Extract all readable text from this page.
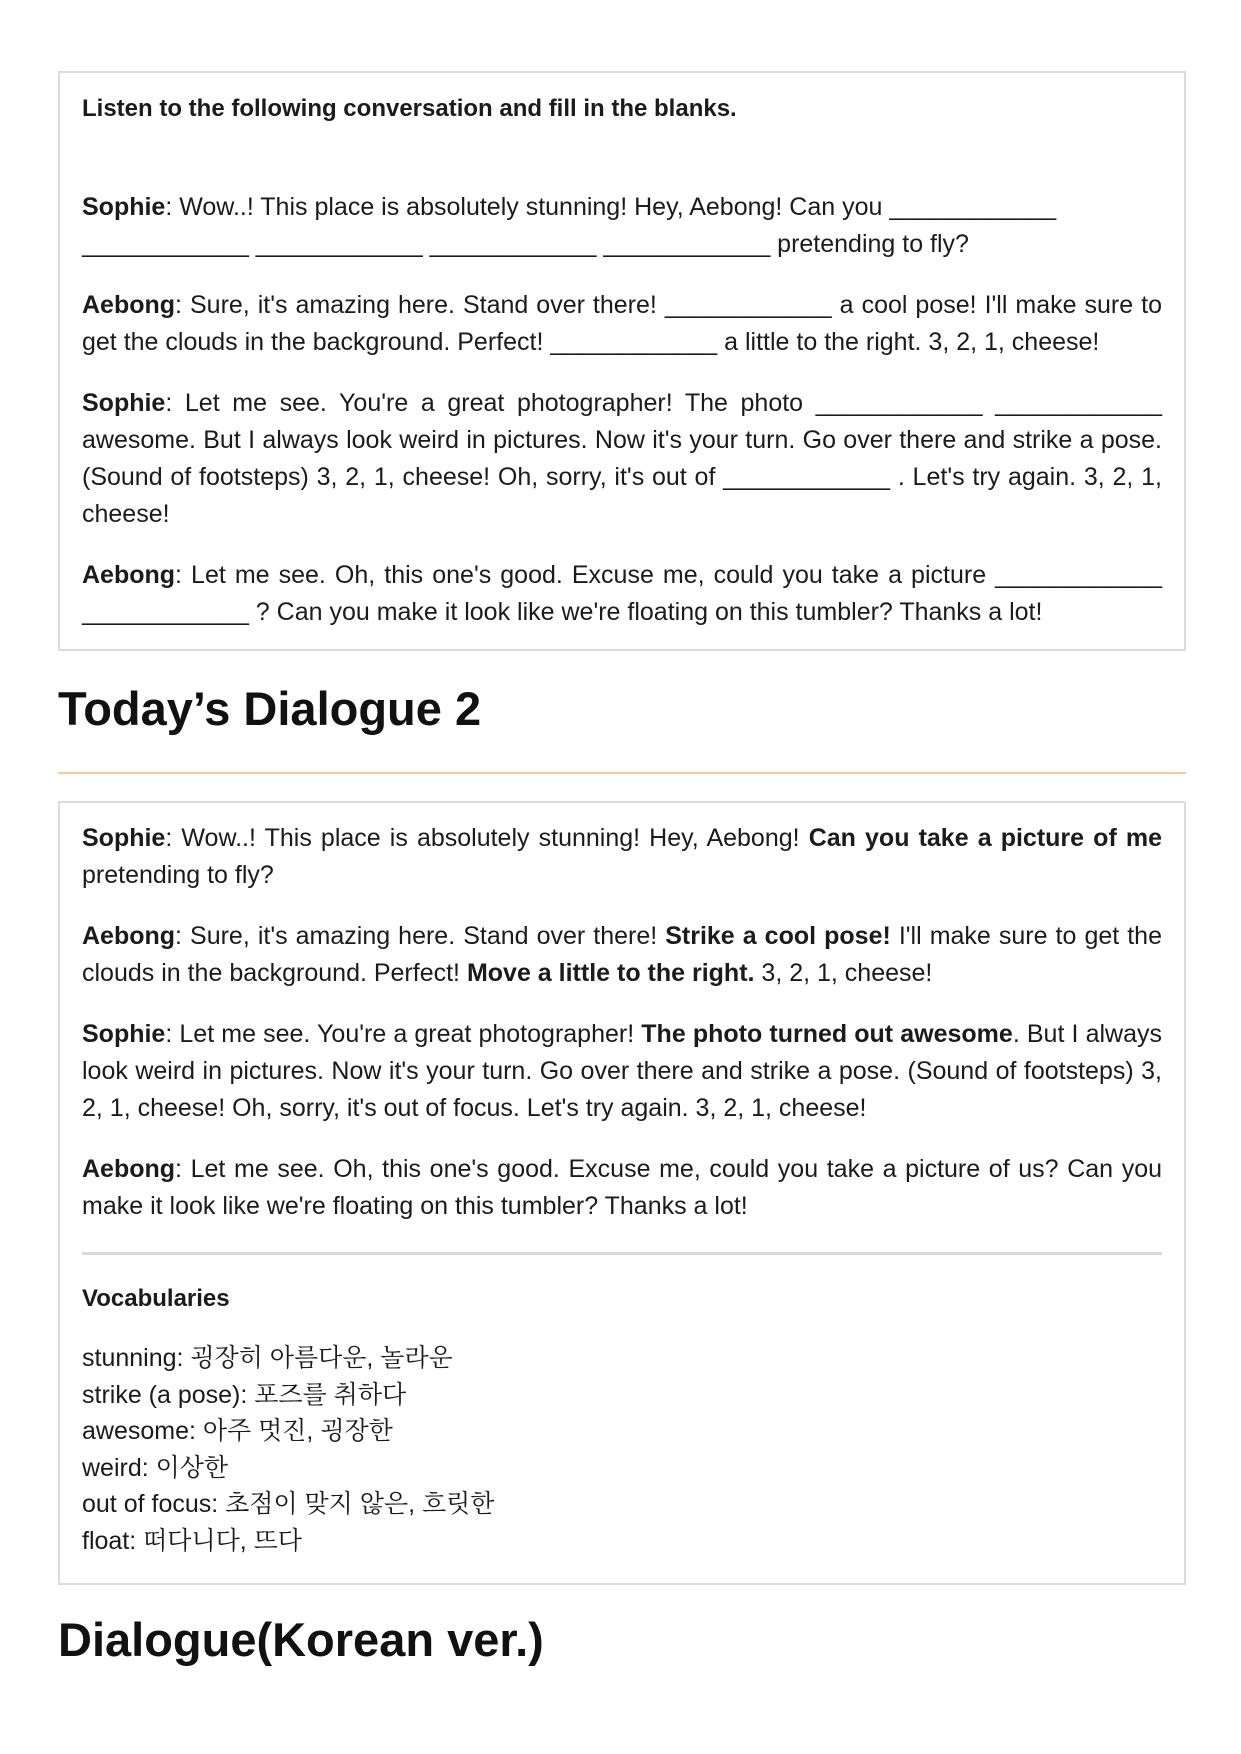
Listen to the following conversation and fill in the blanks.

Sophie: Wow..! This place is absolutely stunning! Hey, Aebong! Can you ____________ ____________ ____________ ____________ ____________ pretending to fly?

Aebong: Sure, it's amazing here. Stand over there! ____________ a cool pose! I'll make sure to get the clouds in the background. Perfect! ____________ a little to the right. 3, 2, 1, cheese!

Sophie: Let me see. You're a great photographer! The photo ____________ ____________ awesome. But I always look weird in pictures. Now it's your turn. Go over there and strike a pose. (Sound of footsteps) 3, 2, 1, cheese! Oh, sorry, it's out of ____________ . Let's try again. 3, 2, 1, cheese!

Aebong: Let me see. Oh, this one's good. Excuse me, could you take a picture ____________ ____________ ? Can you make it look like we're floating on this tumbler? Thanks a lot!

Today’s Dialogue 2

Sophie: Wow..! This place is absolutely stunning! Hey, Aebong! Can you take a picture of me pretending to fly?

Aebong: Sure, it's amazing here. Stand over there! Strike a cool pose! I'll make sure to get the clouds in the background. Perfect! Move a little to the right. 3, 2, 1, cheese!

Sophie: Let me see. You're a great photographer! The photo turned out awesome. But I always look weird in pictures. Now it's your turn. Go over there and strike a pose. (Sound of footsteps) 3, 2, 1, cheese! Oh, sorry, it's out of focus. Let's try again. 3, 2, 1, cheese!

Aebong: Let me see. Oh, this one's good. Excuse me, could you take a picture of us? Can you make it look like we're floating on this tumbler? Thanks a lot!

Vocabularies
stunning: 굉장히 아름다운, 놀라운
strike (a pose): 포즈를 취하다
awesome: 아주 멋진, 굉장한
weird: 이상한
out of focus: 초점이 맞지 않은, 흐릿한
float: 떠다니다, 뜨다
Dialogue(Korean ver.)
